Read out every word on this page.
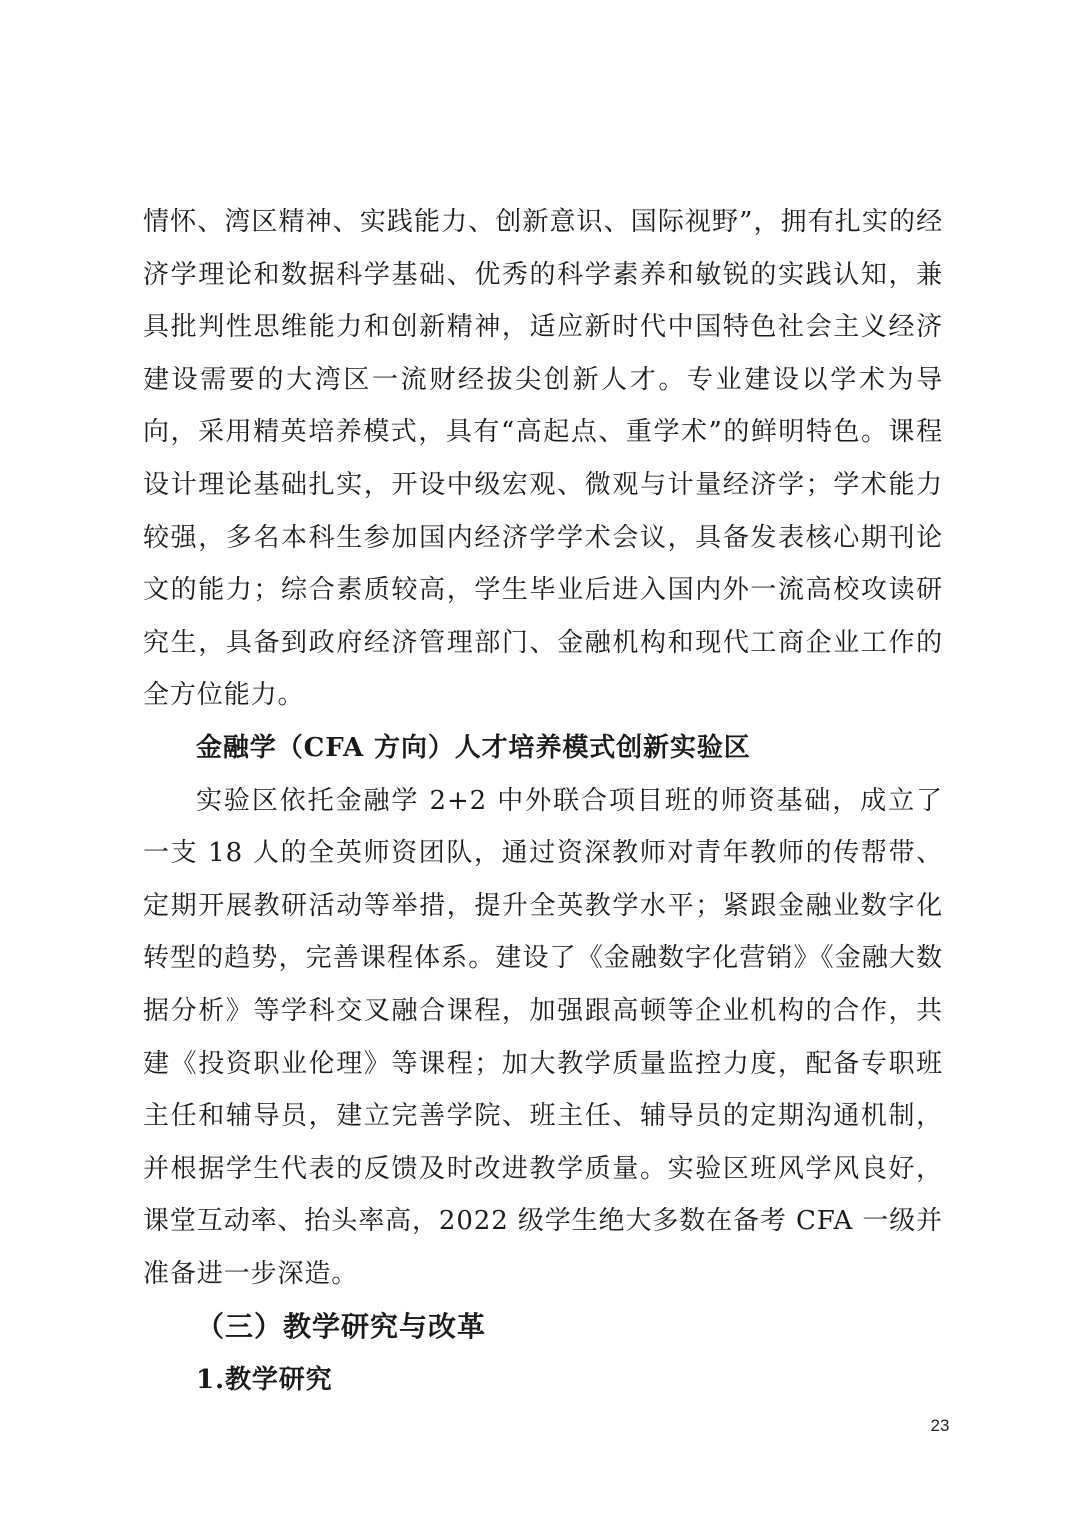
情怀、湾区精神、实践能力、创新意识、国际视野”，拥有扎实的经济学理论和数据科学基础、优秀的科学素养和敏锐的实践认知，兼具批判性思维能力和创新精神，适应新时代中国特色社会主义经济建设需要的大湾区一流财经拔尖创新人才。专业建设以学术为导向，采用精英培养模式，具有“高起点、重学术”的鲜明特色。课程设计理论基础扎实，开设中级宏观、微观与计量经济学；学术能力较强，多名本科生参加国内经济学学术会议，具备发表核心期刊论文的能力；综合素质较高，学生毕业后进入国内外一流高校攻读研究生，具备到政府经济管理部门、金融机构和现代工商企业工作的全方位能力。

金融学（CFA 方向）人才培养模式创新实验区

实验区依托金融学 2+2 中外联合项目班的师资基础，成立了一支 18 人的全英师资团队，通过资深教师对青年教师的传帮带、定期开展教研活动等举措，提升全英教学水平；紧跟金融业数字化转型的趋势，完善课程体系。建设了《金融数字化营销》《金融大数据分析》等学科交叉融合课程，加强跟高顿等企业机构的合作，共建《投资职业伦理》等课程；加大教学质量监控力度，配备专职班主任和辅导员，建立完善学院、班主任、辅导员的定期沟通机制，并根据学生代表的反馈及时改进教学质量。实验区班风学风良好，课堂互动率、抬头率高，2022 级学生绝大多数在备考 CFA 一级并准备进一步深造。

（三）教学研究与改革

1.教学研究

23
